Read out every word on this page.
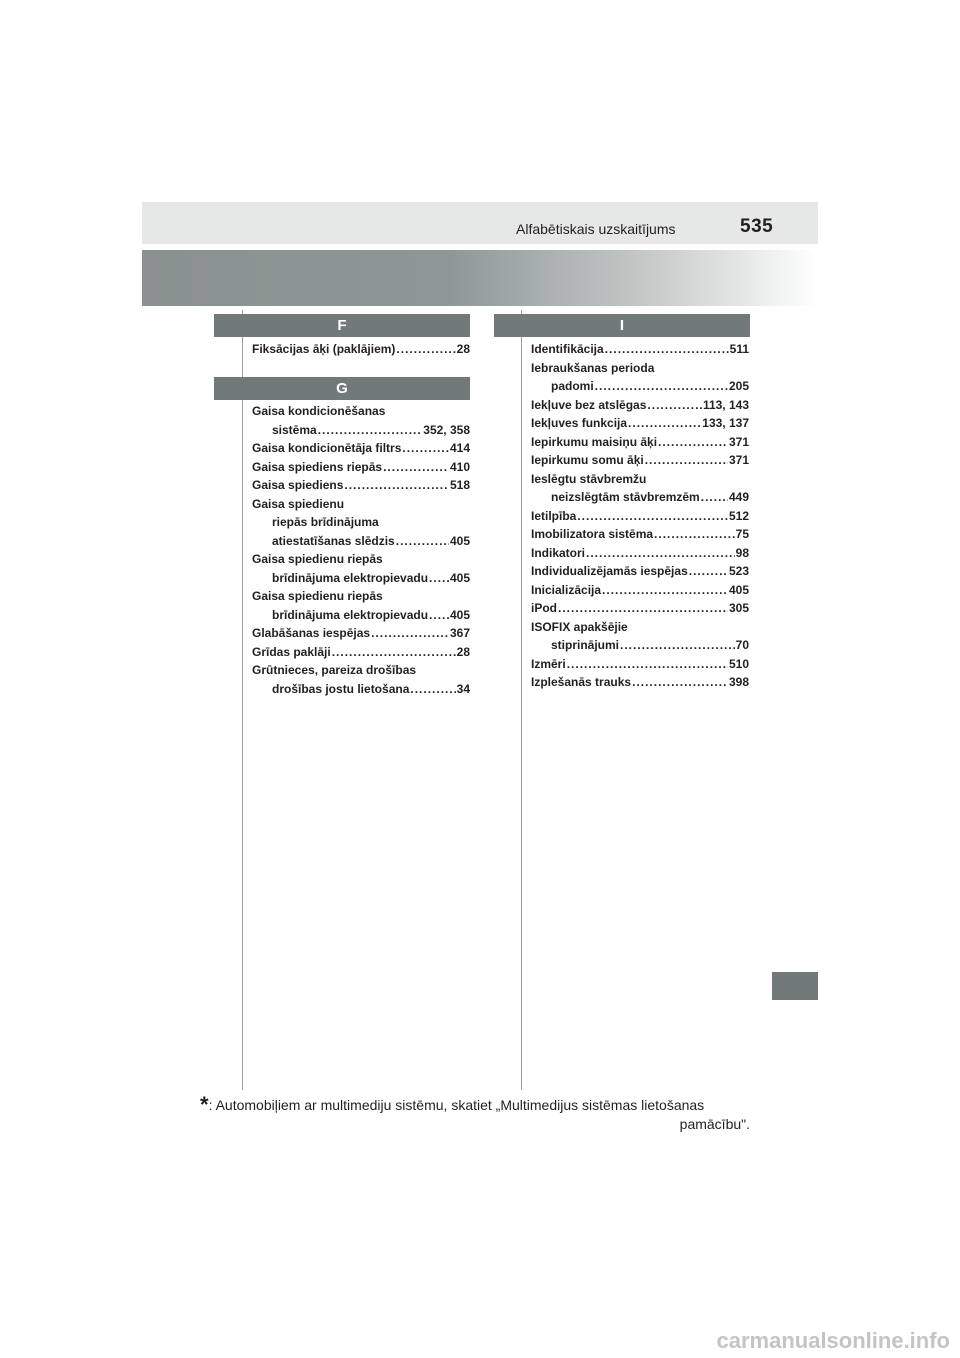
Alfabētiskais uzskaitījums	535
F
Fiksācijas āķi (paklājiem) .....	28
G
Gaisa kondicionēšanas
sistēma .....	352, 358
Gaisa kondicionētāja filtrs .....	414
Gaisa spiediens riepās .....	410
Gaisa spiediens .....	518
Gaisa spiedienu
riepās brīdinājuma
atiestatīšanas slēdzis .....	405
Gaisa spiedienu riepās
brīdinājuma elektropievadu ..... 405
Gaisa spiedienu riepās
brīdinājuma elektropievadu ..... 405
Glabāšanas iespējas .....	367
Grīdas paklāji .....	28
Grūtnieces, pareiza drošības
drošības jostu lietošana .....	34
I
Identifikācija .....	511
Iebraukšanas perioda
padomi .....	205
Iekļuve bez atslēgas .....	113, 143
Iekļuves funkcija .....	133, 137
Iepirkumu maisiņu āķi .....	371
Iepirkumu somu āķi .....	371
Ieslēgtu stāvbremžu
neizslēgtām stāvbremzēm ..... 449
Ietilpība .....	512
Imobilizatora sistēma .....	75
Indikatori .....	98
Individualizējamās iespējas .....	523
Inicializācija .....	405
iPod .....	305
ISOFIX apakšējie
stiprinājumi .....	70
Izmēri .....	510
Izplešanās trauks .....	398
*: Automobiļiem ar multimediju sistēmu, skatiet „Multimedijus sistēmas lietošanas
pamācību".
carmanualsonline.info
